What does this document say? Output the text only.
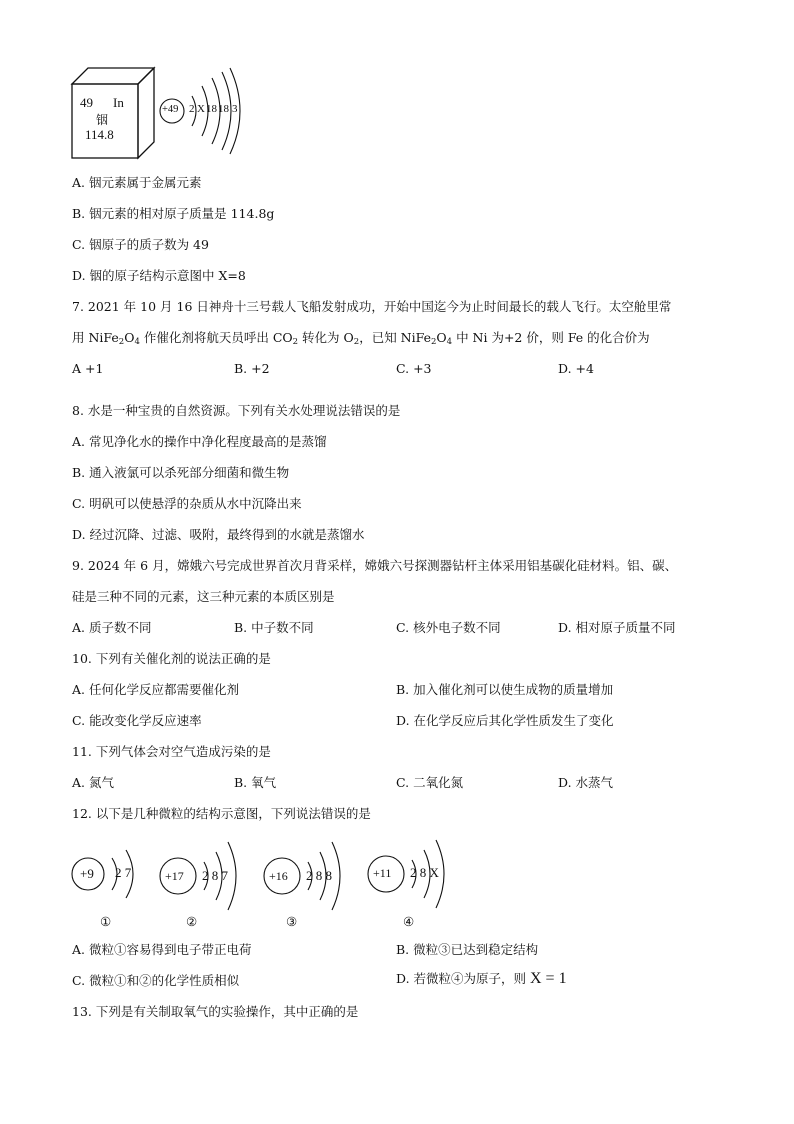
49 In
铟
114.8
+49 2 X 18 18 3
A. 铟元素属于金属元素
B. 铟元素的相对原子质量是 114.8g
C. 铟原子的质子数为 49
D. 铟的原子结构示意图中 X=8
7. 2021 年 10 月 16 日神舟十三号载人飞船发射成功，开始中国迄今为止时间最长的载人飞行。太空舱里常
用 $NiFe_2O_4$ 作催化剂将航天员呼出 $CO_2$ 转化为 $O_2$，已知 $NiFe_2O_4$ 中 Ni 为+2 价，则 Fe 的化合价为
A +1	B. +2	C. +3	D. +4
8. 水是一种宝贵的自然资源。下列有关水处理说法错误的是
A. 常见净化水的操作中净化程度最高的是蒸馏
B. 通入液氯可以杀死部分细菌和微生物
C. 明矾可以使悬浮的杂质从水中沉降出来
D. 经过沉降、过滤、吸附，最终得到的水就是蒸馏水
9. 2024 年 6 月，嫦娥六号完成世界首次月背采样，嫦娥六号探测器钻杆主体采用铝基碳化硅材料。铝、碳、
硅是三种不同的元素，这三种元素的本质区别是
A. 质子数不同	B. 中子数不同	C. 核外电子数不同	D. 相对原子质量不同
10. 下列有关催化剂的说法正确的是
A. 任何化学反应都需要催化剂	B. 加入催化剂可以使生成物的质量增加
C. 能改变化学反应速率	D. 在化学反应后其化学性质发生了变化
11. 下列气体会对空气造成污染的是
A. 氮气	B. 氧气	C. 二氧化氮	D. 水蒸气
12. 以下是几种微粒的结构示意图，下列说法错误的是
+9 2 7
①
+17 2 8 7
②
+16 2 8 8
③
+11 2 8 X
④
A. 微粒①容易得到电子带正电荷	B. 微粒③已达到稳定结构
C. 微粒①和②的化学性质相似	D. 若微粒④为原子，则 X = 1
13. 下列是有关制取氧气的实验操作，其中正确的是
